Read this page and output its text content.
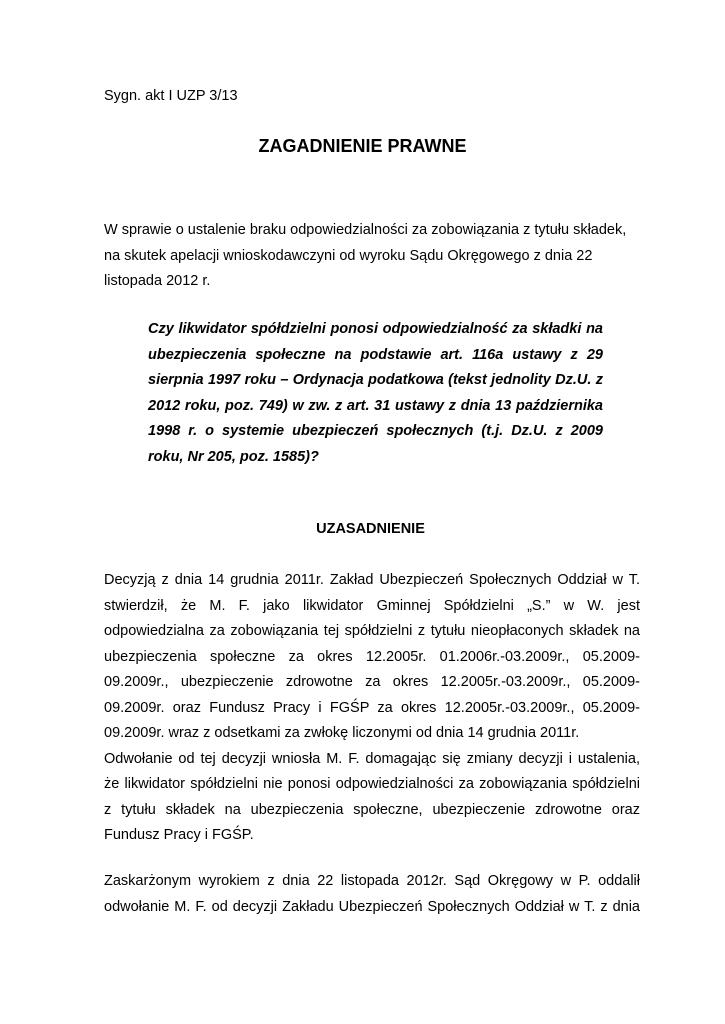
Sygn. akt I UZP 3/13

ZAGADNIENIE PRAWNE

W sprawie o ustalenie braku odpowiedzialności za zobowiązania z tytułu składek,
na skutek apelacji wnioskodawczyni od wyroku Sądu Okręgowego z dnia 22
listopada 2012 r.

Czy likwidator spółdzielni ponosi odpowiedzialność za składki na
ubezpieczenia społeczne na podstawie art. 116a ustawy z 29
sierpnia 1997 roku – Ordynacja podatkowa (tekst jednolity Dz.U. z
2012 roku, poz. 749) w zw. z art. 31 ustawy z dnia 13 października
1998 r. o systemie ubezpieczeń społecznych (t.j. Dz.U. z 2009
roku, Nr 205, poz. 1585)?

UZASADNIENIE

Decyzją z dnia 14 grudnia 2011r. Zakład Ubezpieczeń Społecznych Oddział w T.
stwierdził, że M. F. jako likwidator Gminnej Spółdzielni „S.” w W. jest
odpowiedzialna za zobowiązania tej spółdzielni z tytułu nieopłaconych składek na
ubezpieczenia społeczne za okres 12.2005r. 01.2006r.-03.2009r., 05.2009-
09.2009r., ubezpieczenie zdrowotne za okres 12.2005r.-03.2009r., 05.2009-
09.2009r. oraz Fundusz Pracy i FGŚP za okres 12.2005r.-03.2009r., 05.2009-
09.2009r. wraz z odsetkami za zwłokę liczonymi od dnia 14 grudnia 2011r.
Odwołanie od tej decyzji wniosła M. F. domagając się zmiany decyzji i ustalenia,
że likwidator spółdzielni nie ponosi odpowiedzialności za zobowiązania spółdzielni
z tytułu składek na ubezpieczenia społeczne, ubezpieczenie zdrowotne oraz
Fundusz Pracy i FGŚP.

Zaskarżonym wyrokiem z dnia 22 listopada 2012r. Sąd Okręgowy w P. oddalił
odwołanie M. F. od decyzji Zakładu Ubezpieczeń Społecznych Oddział w T. z dnia
